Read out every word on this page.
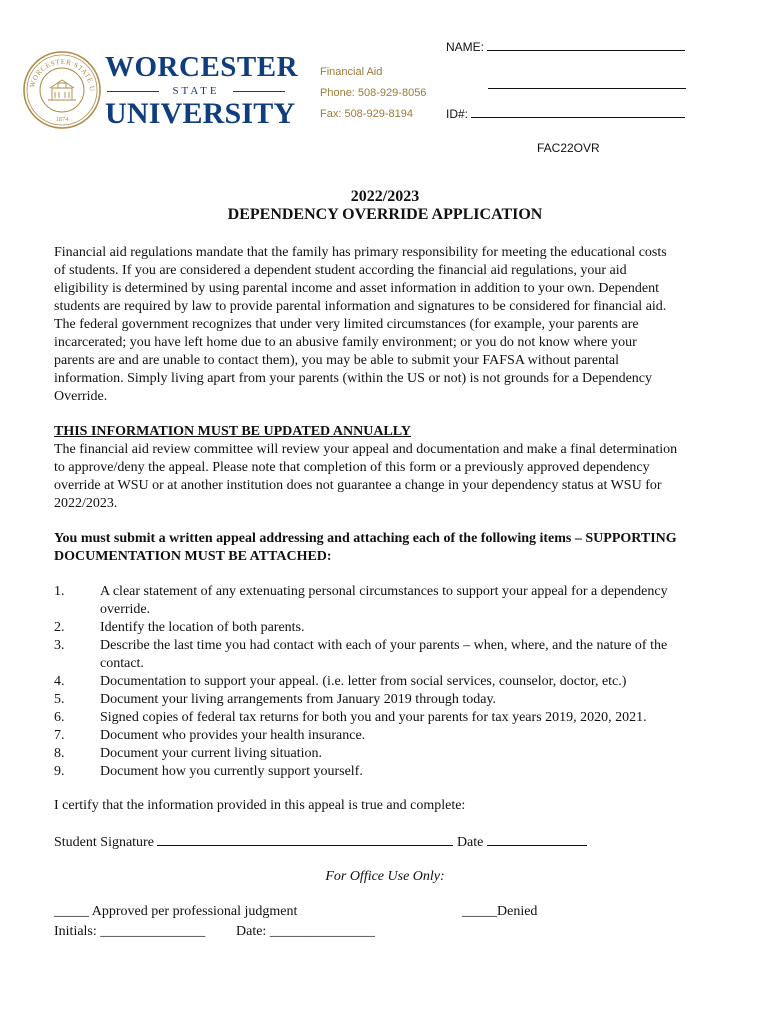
WORCESTER STATE U
1874
WORCESTER
STATE
UNIVERSITY
Financial Aid
Phone: 508-929-8056
Fax: 508-929-8194
NAME:
ID#:
FAC22OVR
2022/2023
DEPENDENCY OVERRIDE APPLICATION
Financial aid regulations mandate that the family has primary responsibility for meeting the educational costs
of students. If you are considered a dependent student according the financial aid regulations, your aid
eligibility is determined by using parental income and asset information in addition to your own. Dependent
students are required by law to provide parental information and signatures to be considered for financial aid.
The federal government recognizes that under very limited circumstances (for example, your parents are
incarcerated; you have left home due to an abusive family environment; or you do not know where your
parents are and are unable to contact them), you may be able to submit your FAFSA without parental
information. Simply living apart from your parents (within the US or not) is not grounds for a Dependency
Override.
THIS INFORMATION MUST BE UPDATED ANNUALLY
The financial aid review committee will review your appeal and documentation and make a final determination
to approve/deny the appeal. Please note that completion of this form or a previously approved dependency
override at WSU or at another institution does not guarantee a change in your dependency status at WSU for
2022/2023.
You must submit a written appeal addressing and attaching each of the following items – SUPPORTING
DOCUMENTATION MUST BE ATTACHED:
1.	A clear statement of any extenuating personal circumstances to support your appeal for a dependency
override.
2.	Identify the location of both parents.
3.	Describe the last time you had contact with each of your parents – when, where, and the nature of the
contact.
4.	Documentation to support your appeal. (i.e. letter from social services, counselor, doctor, etc.)
5.	Document your living arrangements from January 2019 through today.
6.	Signed copies of federal tax returns for both you and your parents for tax years 2019, 2020, 2021.
7.	Document who provides your health insurance.
8.	Document your current living situation.
9.	Document how you currently support yourself.
I certify that the information provided in this appeal is true and complete:
Student Signature	Date
For Office Use Only:
_____ Approved per professional judgment	_____Denied
Initials: _______________ Date: _______________
